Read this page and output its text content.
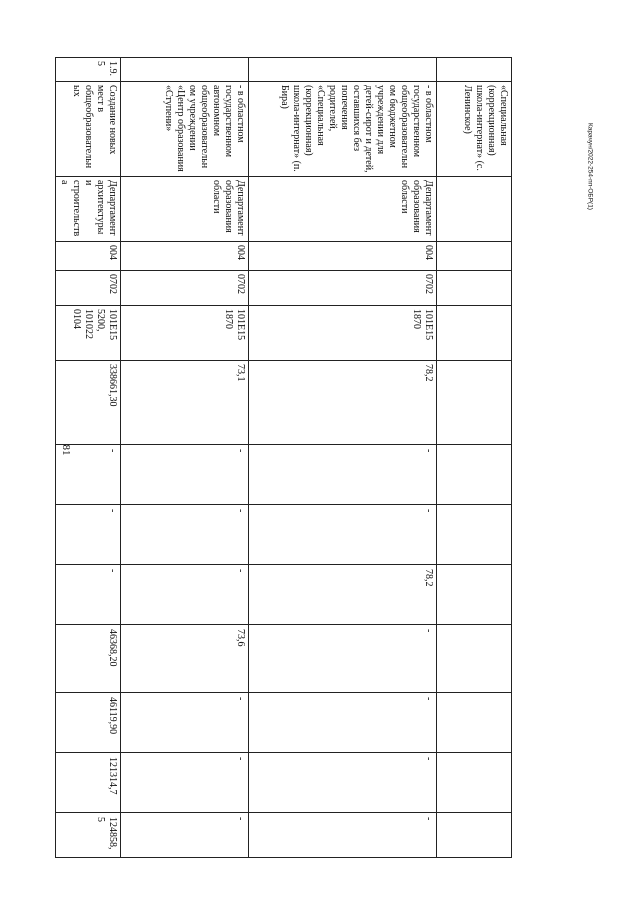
81
Карачун/2022-254-пп-ОБР(1)
	«Специальная (коррекционная) школа-интернат» (с. Ленинское)												
	- в областном государственном общеобразовательном бюджетном учреждении для детей-сирот и детей, оставшихся без попечения родителей, «Специальная (коррекционная) школа-интернат» (п. Бира)	Департамент образования области	004	0702	101Е15 1870	78,2	-	-	78,2	-	-	-	-
	- в областном государственном автономном общеобразовательном учреждении «Центр образования «Ступени»	Департамент образования области	004	0702	101Е15 1870	73,1	-	-	-	73,6	-	-	-
1.9.5	Создание новых мест в общеобразовательных	Департамент архитектуры и строительства	004	0702	101Е15 5200, 101022 0104	338661,30	-	-	-	46368,20	46119,90	121314,7	124858,5
